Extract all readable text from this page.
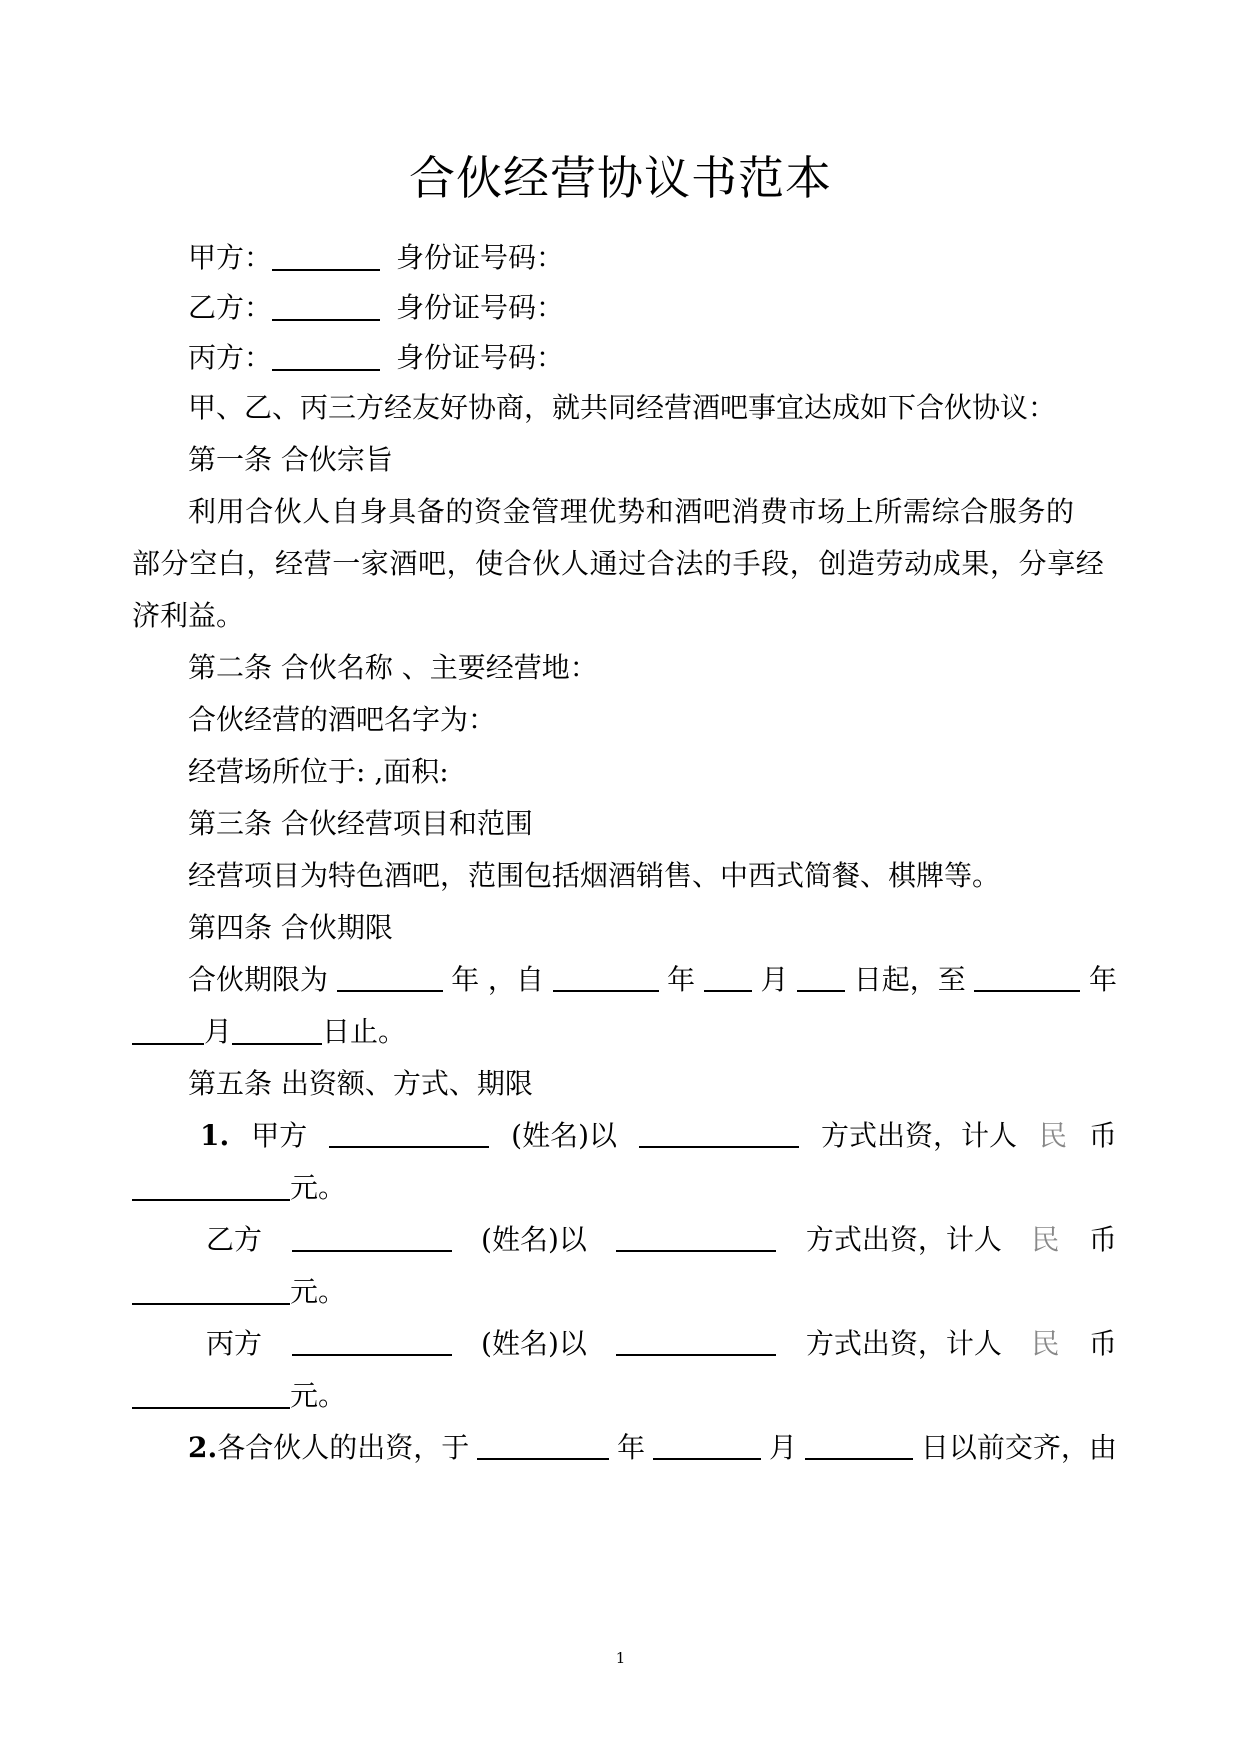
合伙经营协议书范本
甲方：	身份证号码：
乙方：	身份证号码：
丙方：	身份证号码：
甲、乙、丙三方经友好协商，就共同经营酒吧事宜达成如下合伙协议：
第一条 合伙宗旨
利用合伙人自身具备的资金管理优势和酒吧消费市场上所需综合服务的
部分空白，经营一家酒吧，使合伙人通过合法的手段，创造劳动成果，分享经
济利益。
第二条 合伙名称 、主要经营地：
合伙经营的酒吧名字为：
经营场所位于: ,面积:
第三条 合伙经营项目和范围
经营项目为特色酒吧，范围包括烟酒销售、中西式简餐、棋牌等。
第四条 合伙期限
合伙期限为	年 ，自	年 月 日起，至	年
月	日止。
第五条 出资额、方式、期限
1. 甲方	(姓名)以	方式出资，计人 民 币
元。
乙方	(姓名)以	方式出资，计人 民 币
元。
丙方	(姓名)以	方式出资，计人 民 币
元。
2.各合伙人的出资，于	年	月	日以前交齐，由
1
